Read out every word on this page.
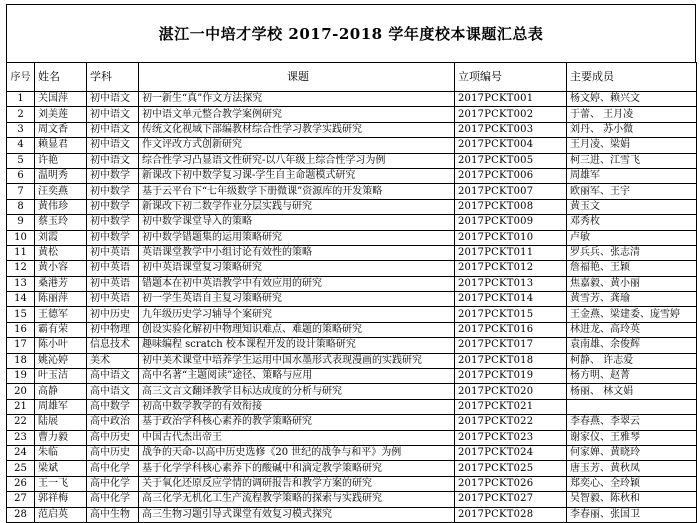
湛江一中培才学校 2017-2018 学年度校本课题汇总表
序号	姓名	学科	课题	立项编号	主要成员
1	关国萍	初中语文	初一新生“真”作文方法探究	2017PCKT001	杨文婷、赖兴文
2	刘美莲	初中语文	初中语文单元整合教学案例研究	2017PCKT002	于蕾、 王月凌
3	周文香	初中语文	传统文化视域下部编教材综合性学习教学实践研究	2017PCKT003	刘丹、 苏小微
4	赖显君	初中语文	作文评改方式创新研究	2017PCKT004	王月凌、梁娟
5	许艳	初中语文	综合性学习凸显语文性研究-以八年级上综合性学习为例	2017PCKT005	柯三进、江雪飞
6	温明秀	初中数学	新课改下初中数学复习课-学生自主命题模式研究	2017PCKT006	周雄军
7	汪奕燕	初中数学	基于云平台下“七年级数学下册微课”资源库的开发策略	2017PCKT007	欧丽军、王宇
8	黄伟珍	初中数学	新课改下初二数学作业分层实践与研究	2017PCKT008	黄玉文
9	蔡玉玲	初中数学	初中数学课堂导入的策略	2017PCKT009	邓秀枚
10	刘霞	初中数学	初中数学错题集的运用策略研究	2017PCKT010	卢敏
11	黄松	初中英语	英语课堂教学中小组讨论有效性的策略	2017PCKT011	罗兵兵、张志清
12	黄小容	初中英语	初中英语课堂复习策略研究	2017PCKT012	詹福艳、王颖
13	桑港芳	初中英语	错题本在初中英语教学中有效应用的研究	2017PCKT013	焦嘉毅、黄小丽
14	陈丽萍	初中英语	初一学生英语自主复习策略研究	2017PCKT014	黄雪芳、龚瑜
15	王德军	初中历史	九年级历史学习辅导个案研究	2017PCKT015	王金燕、梁建委、庞雪婷
16	霸有荣	初中物理	创设实验化解初中物理知识难点、难题的策略研究	2017PCKT016	林进龙、高玲英
17	陈小叶	信息技术	趣味编程 scratch 校本课程开发的设计策略研究	2017PCKT017	袁南雄、余俊辉
18	姚沁婷	美术	初中美术课堂中培养学生运用中国水墨形式表现漫画的实践研究	2017PCKT018	柯静、 许志爱
19	叶玉洁	高中语文	高中名著“主题阅读”途径、策略与应用	2017PCKT019	杨方明、赵菁
20	高静	高中语文	高三文言文翻译教学目标达成度的分析与研究	2017PCKT020	杨丽、 林文娟
21	周雄军	高中数学	初高中数学教学的有效衔接	2017PCKT021	
22	陆展	高中政治	基于政治学科核心素养的教学策略研究	2017PCKT022	李春燕、李翠云
23	曹力毅	高中历史	中国古代杰出帝王	2017PCKT023	谢家仪、王雅琴
24	朱临	高中历史	战争的天命-以高中历史选修《20 世纪的战争与和平》为例	2017PCKT024	何家婵、黄晓玲
25	梁斌	高中化学	基于化学学科核心素养下的酸碱中和滴定教学策略研究	2017PCKT025	唐玉芳、黄秋凤
26	王一飞	高中化学	关于氧化还原反应学情的调研报告和教学方案的研究	2017PCKT026	郑奕心、全玲颖
27	郭祥梅	高中化学	高三化学无机化工生产流程教学策略的探索与实践研究	2017PCKT027	吴智毅、陈秋和
28	范启英	高中生物	高三生物习题引导式课堂有效复习模式探究	2017PCKT028	李春丽、张国卫
